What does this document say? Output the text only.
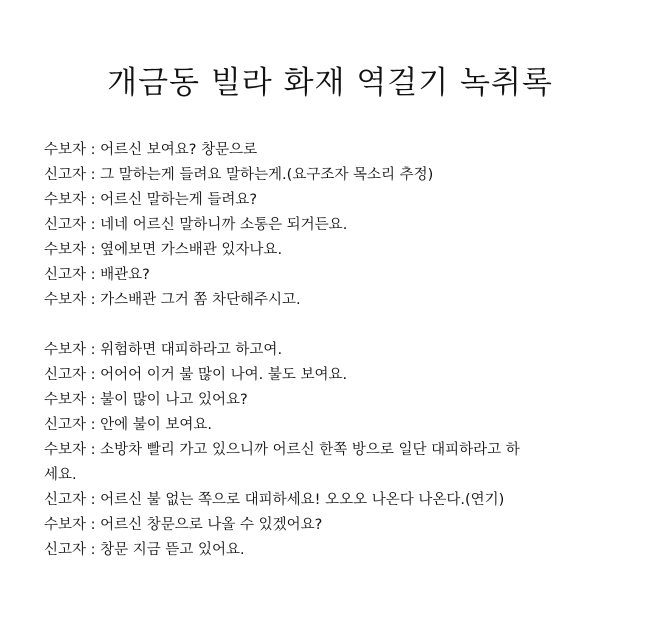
개금동 빌라 화재 역걸기 녹취록
수보자 : 어르신 보여요? 창문으로
신고자 : 그 말하는게 들려요 말하는게.(요구조자 목소리 추정)
수보자 : 어르신 말하는게 들려요?
신고자 : 네네 어르신 말하니까 소통은 되거든요.
수보자 : 옆에보면 가스배관 있자나요.
신고자 : 배관요?
수보자 : 가스배관 그거 쫌 차단해주시고.
수보자 : 위험하면 대피하라고 하고여.
신고자 : 어어어 이거 불 많이 나여. 불도 보여요.
수보자 : 불이 많이 나고 있어요?
신고자 : 안에 불이 보여요.
수보자 : 소방차 빨리 가고 있으니까 어르신 한쪽 방으로 일단 대피하라고 하
세요.
신고자 : 어르신 불 없는 쪽으로 대피하세요! 오오오 나온다 나온다.(연기)
수보자 : 어르신 창문으로 나올 수 있겠어요?
신고자 : 창문 지금 뜯고 있어요.
